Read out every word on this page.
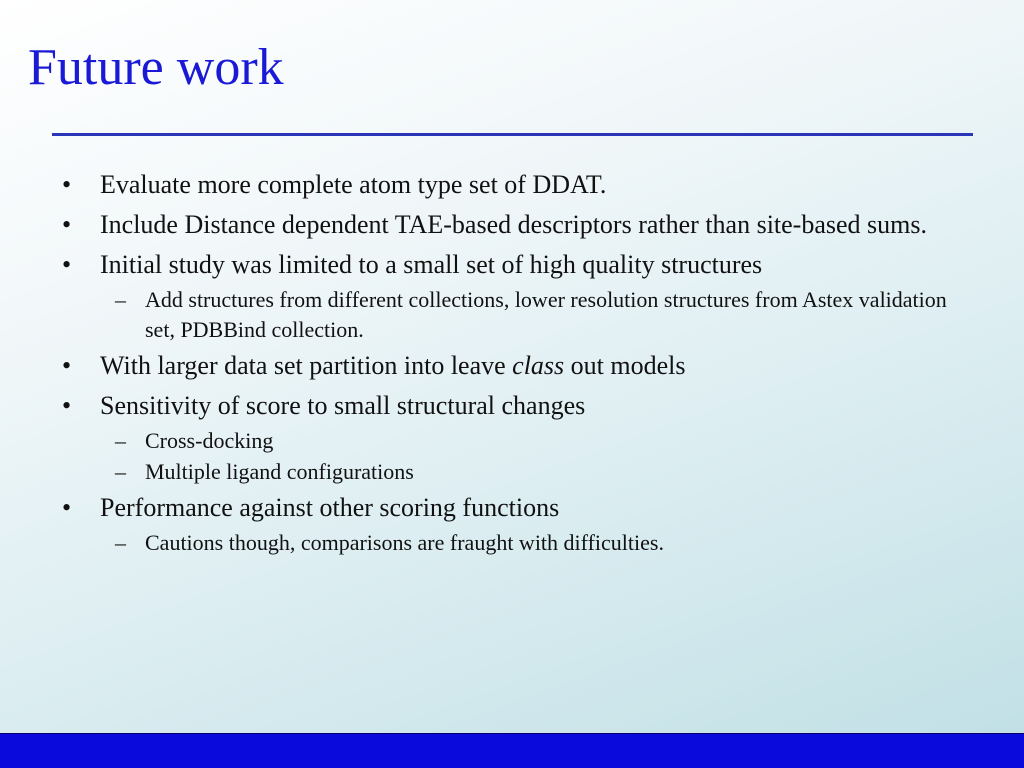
Future work
• Evaluate more complete atom type set of DDAT.
• Include Distance dependent TAE-based descriptors rather than site-based sums.
• Initial study was limited to a small set of high quality structures
– Add structures from different collections, lower resolution structures from Astex validation set, PDBBind collection.
• With larger data set partition into leave class out models
• Sensitivity of score to small structural changes
– Cross-docking
– Multiple ligand configurations
• Performance against other scoring functions
– Cautions though, comparisons are fraught with difficulties.
